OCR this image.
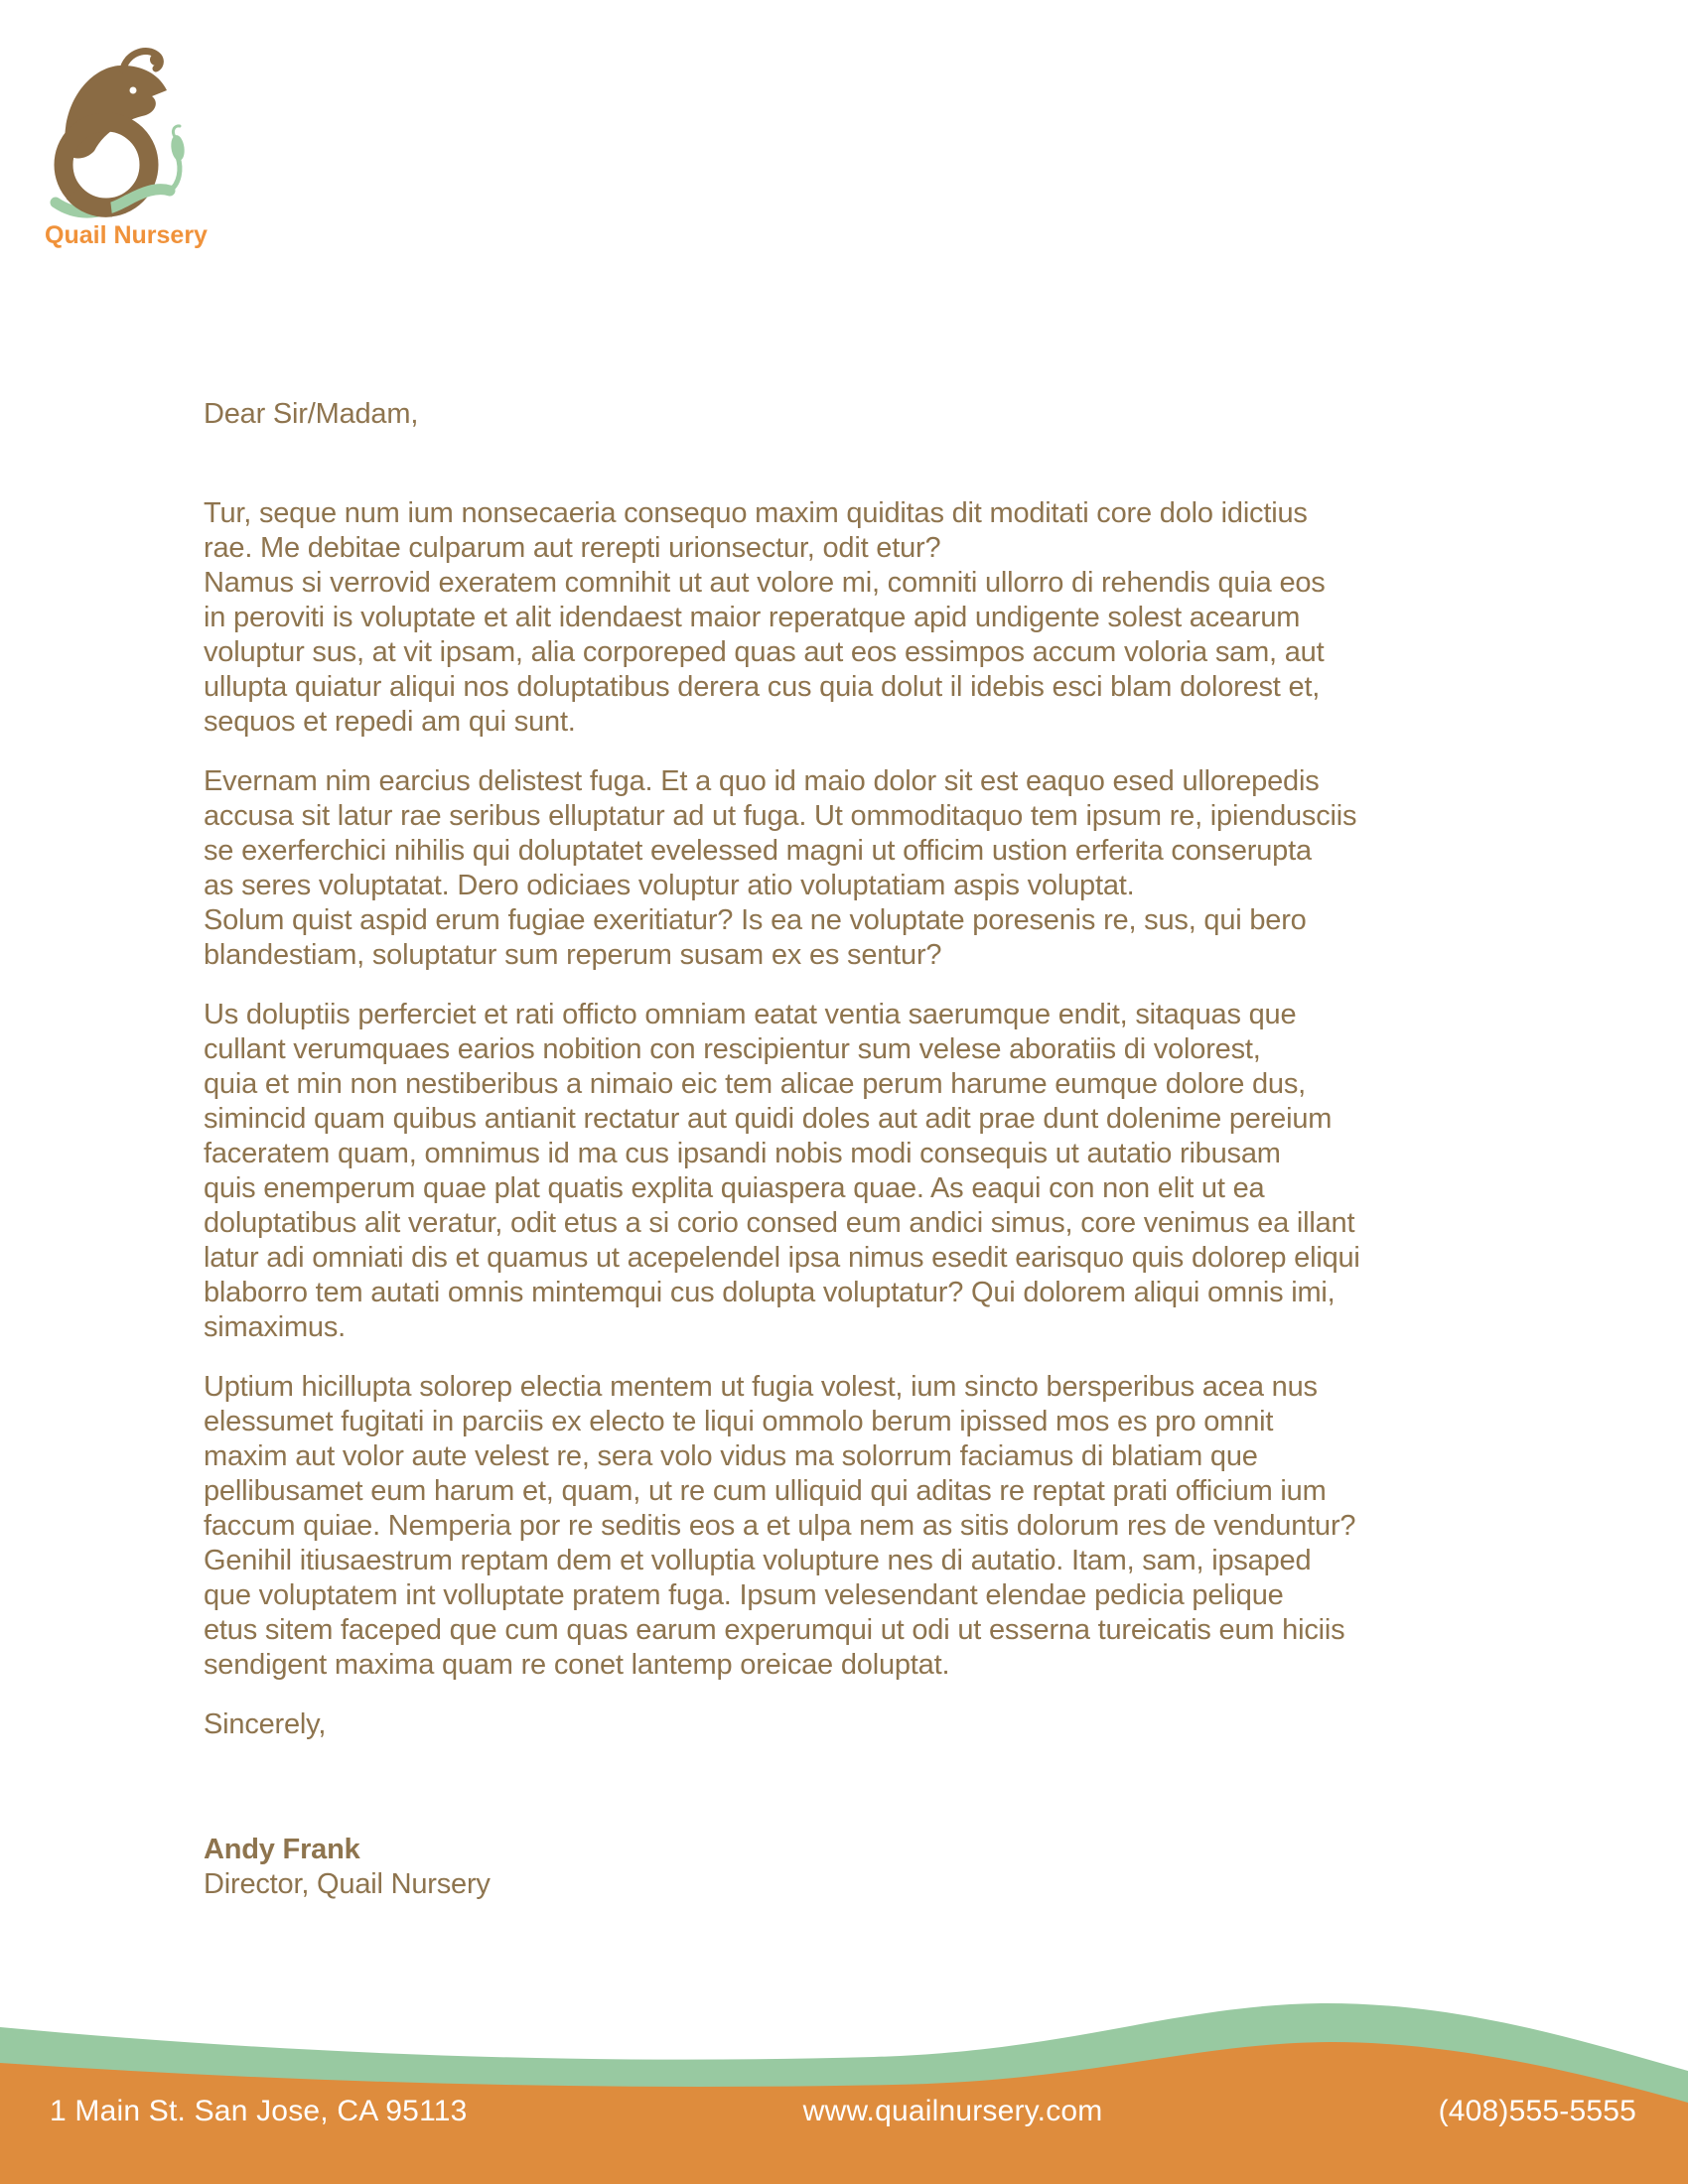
Quail Nursery

Dear Sir/Madam,

Tur, seque num ium nonsecaeria consequo maxim quiditas dit moditati core dolo idictius
rae. Me debitae culparum aut rerepti urionsectur, odit etur?
Namus si verrovid exeratem comnihit ut aut volore mi, comniti ullorro di rehendis quia eos
in peroviti is voluptate et alit idendaest maior reperatque apid undigente solest acearum
voluptur sus, at vit ipsam, alia corporeped quas aut eos essimpos accum voloria sam, aut
ullupta quiatur aliqui nos doluptatibus derera cus quia dolut il idebis esci blam dolorest et,
sequos et repedi am qui sunt.

Evernam nim earcius delistest fuga. Et a quo id maio dolor sit est eaquo esed ullorepedis
accusa sit latur rae seribus elluptatur ad ut fuga. Ut ommoditaquo tem ipsum re, ipiendusciis
se exerferchici nihilis qui doluptatet evelessed magni ut officim ustion erferita conserupta
as seres voluptatat. Dero odiciaes voluptur atio voluptatiam aspis voluptat.
Solum quist aspid erum fugiae exeritiatur? Is ea ne voluptate poresenis re, sus, qui bero
blandestiam, soluptatur sum reperum susam ex es sentur?

Us doluptiis perferciet et rati officto omniam eatat ventia saerumque endit, sitaquas que
cullant verumquaes earios nobition con rescipientur sum velese aboratiis di volorest,
quia et min non nestiberibus a nimaio eic tem alicae perum harume eumque dolore dus,
simincid quam quibus antianit rectatur aut quidi doles aut adit prae dunt dolenime pereium
faceratem quam, omnimus id ma cus ipsandi nobis modi consequis ut autatio ribusam
quis enemperum quae plat quatis explita quiaspera quae. As eaqui con non elit ut ea
doluptatibus alit veratur, odit etus a si corio consed eum andici simus, core venimus ea illant
latur adi omniati dis et quamus ut acepelendel ipsa nimus esedit earisquo quis dolorep eliqui
blaborro tem autati omnis mintemqui cus dolupta voluptatur? Qui dolorem aliqui omnis imi,
simaximus.

Uptium hicillupta solorep electia mentem ut fugia volest, ium sincto bersperibus acea nus
elessumet fugitati in parciis ex electo te liqui ommolo berum ipissed mos es pro omnit
maxim aut volor aute velest re, sera volo vidus ma solorrum faciamus di blatiam que
pellibusamet eum harum et, quam, ut re cum ulliquid qui aditas re reptat prati officium ium
faccum quiae. Nemperia por re seditis eos a et ulpa nem as sitis dolorum res de venduntur?
Genihil itiusaestrum reptam dem et volluptia volupture nes di autatio. Itam, sam, ipsaped
que voluptatem int volluptate pratem fuga. Ipsum velesendant elendae pedicia pelique
etus sitem faceped que cum quas earum experumqui ut odi ut esserna tureicatis eum hiciis
sendigent maxima quam re conet lantemp oreicae doluptat.

Sincerely,

Andy Frank

Director, Quail Nursery

1 Main St. San Jose, CA 95113	www.quailnursery.com	(408)555-5555
